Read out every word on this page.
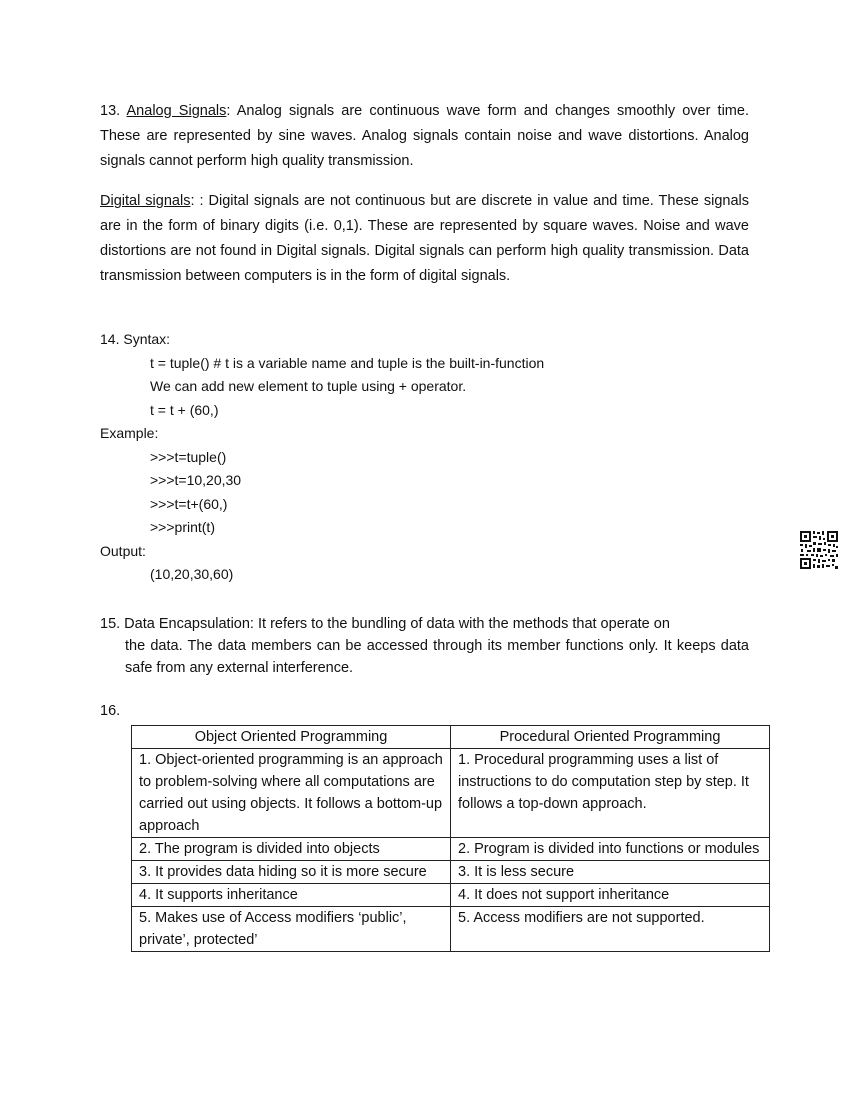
13. Analog Signals: Analog signals are continuous wave form and changes smoothly over time. These are represented by sine waves. Analog signals contain noise and wave distortions. Analog signals cannot perform high quality transmission.

Digital signals: : Digital signals are not continuous but are discrete in value and time. These signals are in the form of binary digits (i.e. 0,1). These are represented by square waves. Noise and wave distortions are not found in Digital signals. Digital signals can perform high quality transmission. Data transmission between computers is in the form of digital signals.

14. Syntax:
t = tuple() # t is a variable name and tuple is the built-in-function
We can add new element to tuple using + operator.
t = t + (60,)
Example:
>>>t=tuple()
>>>t=10,20,30
>>>t=t+(60,)
>>>print(t)
Output:
(10,20,30,60)

15. Data Encapsulation: It refers to the bundling of data with the methods that operate on
the data. The data members can be accessed through its member functions only. It keeps data safe from any external interference.

16.
Object Oriented Programming	Procedural Oriented Programming
1. Object-oriented programming is an approach to problem-solving where all computations are carried out using objects. It follows a bottom-up approach	1. Procedural programming uses a list of instructions to do computation step by step. It follows a top-down approach.
2. The program is divided into objects	2. Program is divided into functions or modules
3. It provides data hiding so it is more secure	3. It is less secure
4. It supports inheritance	4. It does not support inheritance
5. Makes use of Access modifiers ‘public’, private’, protected’	5. Access modifiers are not supported.
